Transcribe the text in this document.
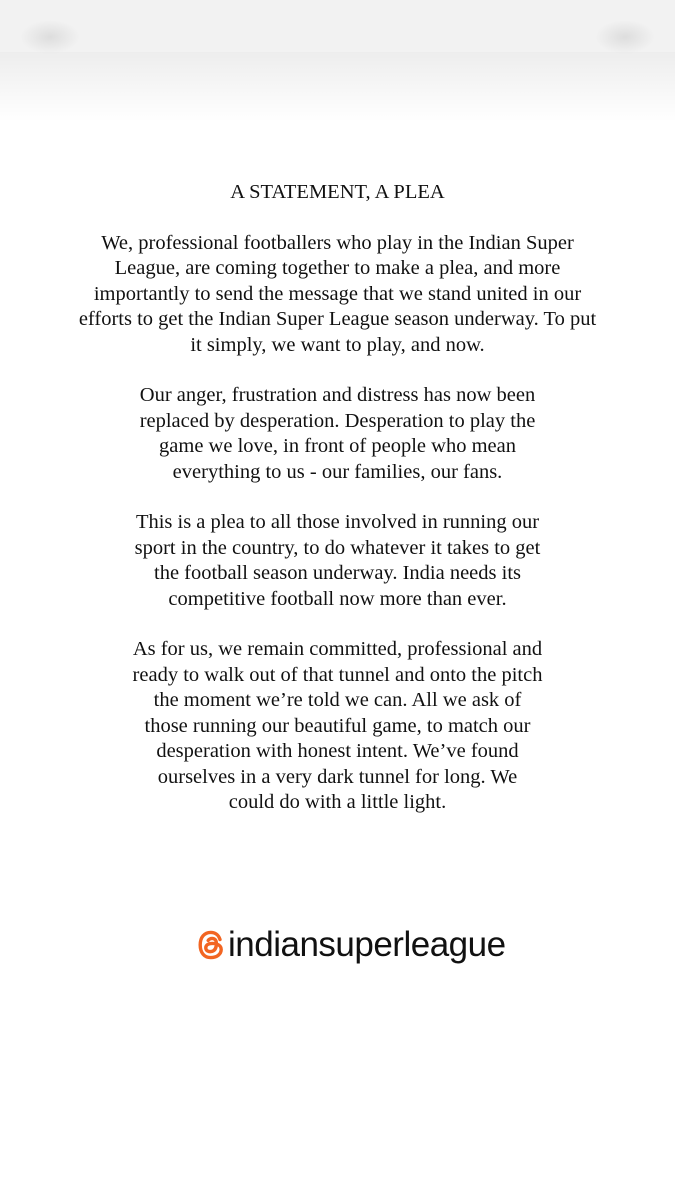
A STATEMENT, A PLEA

We, professional footballers who play in the Indian Super
League, are coming together to make a plea, and more
importantly to send the message that we stand united in our
efforts to get the Indian Super League season underway. To put
it simply, we want to play, and now.

Our anger, frustration and distress has now been
replaced by desperation. Desperation to play the
game we love, in front of people who mean
everything to us - our families, our fans.

This is a plea to all those involved in running our
sport in the country, to do whatever it takes to get
the football season underway. India needs its
competitive football now more than ever.

As for us, we remain committed, professional and
ready to walk out of that tunnel and onto the pitch
the moment we’re told we can. All we ask of
those running our beautiful game, to match our
desperation with honest intent. We’ve found
ourselves in a very dark tunnel for long. We
could do with a little light.

indiansuperleague
